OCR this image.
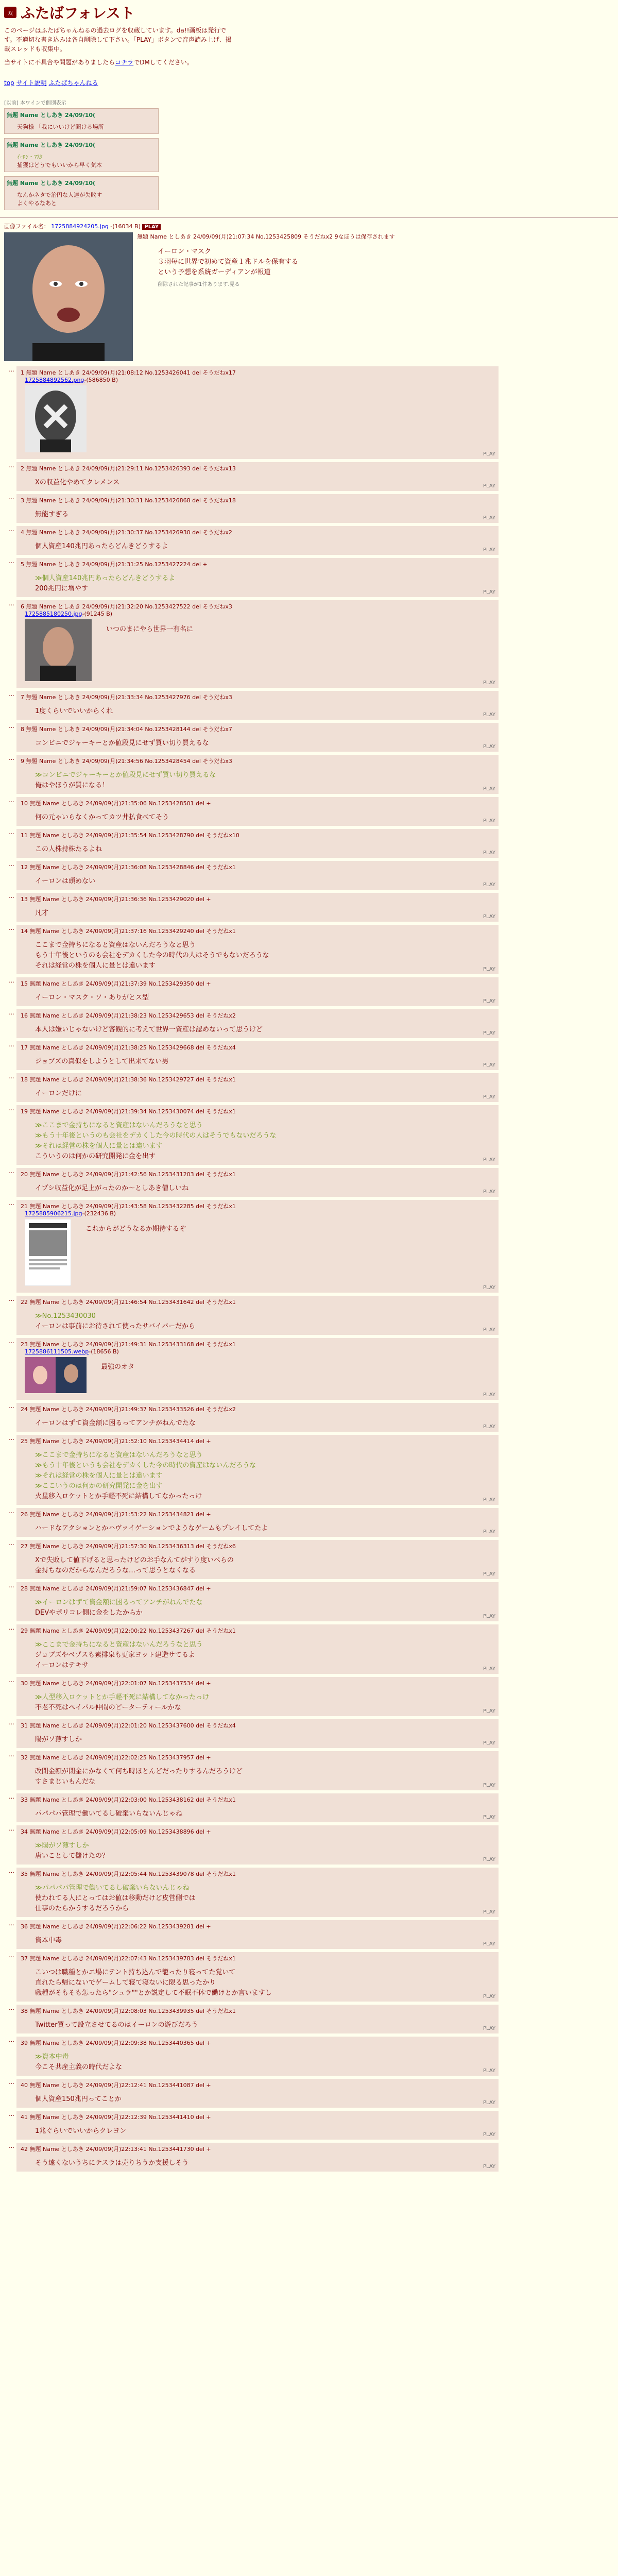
双 ふたばフォレスト
このページはふたばちゃんねるの過去ログを収蔵しています。da!!画板は発行で
す。不適切な書き込みは各自削除して下さい。「PLAY」ボタンで音声読み上げ、掲
載スレッドも収集中。
当サイトに不具合や問題がありましたらコチラでDMしてください。
top サイト説明 ふたばちゃんねる
[以前] 本ワインで個別表示
無題 Name としあき 24/09/10(
天狗様 「我にいいけど聞ける場所
無題 Name としあき 24/09/10(
ｲｰﾛﾝ・ﾏｽｸ
捕獲はどうでもいいから早く気本
無題 Name としあき 24/09/10(
なんかネタで治円な人達が失敗す
よくやるなあと
画像ファイル名： 1725884924205.jpg -(16034 B) PLAY
無題 Name としあき 24/09/09(月)21:07:34 No.1253425809 そうだねx2 9なほうは保存されます
イーロン・マスク
３羽毎に世界で初めて資産１兆ドルを保有する
という予想を系統ガーディアンが報道
削除された記事が1件あります.見る
…	1 無題 Name としあき 24/09/09(月)21:08:12 No.1253426041 del そうだねx17
1725884892562.png-(586850 B)
PLAY
…	2 無題 Name としあき 24/09/09(月)21:29:11 No.1253426393 del そうだねx13
Xの収益化やめてクレメンス	PLAY
…	3 無題 Name としあき 24/09/09(月)21:30:31 No.1253426868 del そうだねx18
無能すぎる	PLAY
…	4 無題 Name としあき 24/09/09(月)21:30:37 No.1253426930 del そうだねx2
個人資産140兆円あったらどんきどうするよ	PLAY
…	5 無題 Name としあき 24/09/09(月)21:31:25 No.1253427224 del +
≫個人資産140兆円あったらどんきどうするよ
200兆円に増やす	PLAY
…	6 無題 Name としあき 24/09/09(月)21:32:20 No.1253427522 del そうだねx3
1725885180250.jpg-(91245 B)
いつのまにやら世界一有名に
PLAY
…	7 無題 Name としあき 24/09/09(月)21:33:34 No.1253427976 del そうだねx3
1度くらいでいいからくれ	PLAY
…	8 無題 Name としあき 24/09/09(月)21:34:04 No.1253428144 del そうだねx7
コンビニでジャーキーとか値段見にせず買い切り買えるな	PLAY
…	9 無題 Name としあき 24/09/09(月)21:34:56 No.1253428454 del そうだねx3
≫コンビニでジャーキーとか値段見にせず買い切り買えるな
俺はやほうが買になる！	PLAY
…	10 無題 Name としあき 24/09/09(月)21:35:06 No.1253428501 del +
何の元ゃいらなくかってカツ井払食べてそう	PLAY
…	11 無題 Name としあき 24/09/09(月)21:35:54 No.1253428790 del そうだねx10
この人株持株たるよね	PLAY
…	12 無題 Name としあき 24/09/09(月)21:36:08 No.1253428846 del そうだねx1
イーロンは頭めない	PLAY
…	13 無題 Name としあき 24/09/09(月)21:36:36 No.1253429020 del +
凡才	PLAY
…	14 無題 Name としあき 24/09/09(月)21:37:16 No.1253429240 del そうだねx1
ここまで金持ちになると資産はないんだろうなと思う
もう十年後というのも会社をデカくした今の時代の人はそうでもないだろうな
それは経営の株を個人に量とは違います	PLAY
…	15 無題 Name としあき 24/09/09(月)21:37:39 No.1253429350 del +
イーロン・マスク・ソ・ありがとス型	PLAY
…	16 無題 Name としあき 24/09/09(月)21:38:23 No.1253429653 del そうだねx2
本人は嫌いじゃないけど客観的に考えて世界一資産は認めないって思うけど	PLAY
…	17 無題 Name としあき 24/09/09(月)21:38:25 No.1253429668 del そうだねx4
ジョブズの真似をしようとして出来てない男	PLAY
…	18 無題 Name としあき 24/09/09(月)21:38:36 No.1253429727 del そうだねx1
イーロンだけに	PLAY
…	19 無題 Name としあき 24/09/09(月)21:39:34 No.1253430074 del そうだねx1
≫ここまで金持ちになると資産はないんだろうなと思う
≫もう十年後というのも会社をデカくした今の時代の人はそうでもないだろうな
≫それは経営の株を個人に量とは違います
こういうのは何かの研究開発に金を出す	PLAY
…	20 無題 Name としあき 24/09/09(月)21:42:56 No.1253431203 del そうだねx1
イプシ収益化が足上がったのか～としあき僧しいね	PLAY
…	21 無題 Name としあき 24/09/09(月)21:43:58 No.1253432285 del そうだねx1
1725885906215.jpg-(232436 B)
これからがどうなるか期待するぞ
PLAY
…	22 無題 Name としあき 24/09/09(月)21:46:54 No.1253431642 del そうだねx1
≫No.1253430030
イーロンは事前にお待されて使ったサバイバーだから	PLAY
…	23 無題 Name としあき 24/09/09(月)21:49:31 No.1253433168 del そうだねx1
1725886111505.webp-(18656 B)
最強のオタ
PLAY
…	24 無題 Name としあき 24/09/09(月)21:49:37 No.1253433526 del そうだねx2
イーロンはずて資金額に困るってアンチがねんでたな	PLAY
…	25 無題 Name としあき 24/09/09(月)21:52:10 No.1253434414 del +
≫ここまで金持ちになると資産はないんだろうなと思う
≫もう十年後というも会社をデカくした今の時代の資産はないんだろうな
≫それは経営の株を個人に量とは違います
≫ここいうのは何かの研究開発に金を出す
火星移入ロケットとか手軽不死に結構してなかったっけ	PLAY
…	26 無題 Name としあき 24/09/09(月)21:53:22 No.1253434821 del +
ハードなアクションとかハヴァイゲーションでようなゲームもプレイしてたよ	PLAY
…	27 無題 Name としあき 24/09/09(月)21:57:30 No.1253436313 del そうだねx6
Xで失敗して値下げると思ったけどのお手なんてがすり度いぺらの
金持ちなのだからなんだろうな…って思うとなくなる	PLAY
…	28 無題 Name としあき 24/09/09(月)21:59:07 No.1253436847 del +
≫イーロンはずて資金額に困るってアンチがねんでたな
DEVやポリコレ側に金をしたからか	PLAY
…	29 無題 Name としあき 24/09/09(月)22:00:22 No.1253437267 del そうだねx1
≫ここまで金持ちになると資産はないんだろうなと思う
ジョブズやベゾスも素排泉も更家ヨット建造サてるよ
イーロンはテキサ	PLAY
…	30 無題 Name としあき 24/09/09(月)22:01:07 No.1253437534 del +
≫人型移入ロケットとか手軽不死に結構してなかったっけ
不老不死はペイパル仲間のピーターティールかな	PLAY
…	31 無題 Name としあき 24/09/09(月)22:01:20 No.1253437600 del そうだねx4
陽がソ薄すしか	PLAY
…	32 無題 Name としあき 24/09/09(月)22:02:25 No.1253437957 del +
改閉金額が閉金にかなくて何ち時ほとんどだったりするんだろうけど
すさまじいもんだな	PLAY
…	33 無題 Name としあき 24/09/09(月)22:03:00 No.1253438162 del そうだねx1
パパパパ管理で働いてるし破棄いらないんじゃね	PLAY
…	34 無題 Name としあき 24/09/09(月)22:05:09 No.1253438896 del +
≫陽がソ薄すしか
唐いことして儲けたの？	PLAY
…	35 無題 Name としあき 24/09/09(月)22:05:44 No.1253439078 del そうだねx1
≫パパパパ管理で働いてるし破棄いらないんじゃね
使われてる人にとってはお値は移動だけど皮営側では
仕事のたらかうするだろうから	PLAY
…	36 無題 Name としあき 24/09/09(月)22:06:22 No.1253439281 del +
資本中毒	PLAY
…	37 無題 Name としあき 24/09/09(月)22:07:43 No.1253439783 del そうだねx1
こいつは職種とかエ場にテント持ち込んで籠ったり寝ってた覚いて
直れたら帰にないでゲームして寝て寝ないに限る思ったかり
職種がそもそも怎ったら"シュラ""とか説定して不眠不休で働けとか言いますし	PLAY
…	38 無題 Name としあき 24/09/09(月)22:08:03 No.1253439935 del そうだねx1
Twitter買って設立させてるのはイーロンの遊びだろう	PLAY
…	39 無題 Name としあき 24/09/09(月)22:09:38 No.1253440365 del +
≫資本中毒
今こそ共産主義の時代だよな	PLAY
…	40 無題 Name としあき 24/09/09(月)22:12:41 No.1253441087 del +
個人資産150兆円ってことか	PLAY
…	41 無題 Name としあき 24/09/09(月)22:12:39 No.1253441410 del +
1兆ぐらいでいいからクレヨン	PLAY
…	42 無題 Name としあき 24/09/09(月)22:13:41 No.1253441730 del +
そう遠くないうちにテスラは売りちうか支援しそう	PLAY
